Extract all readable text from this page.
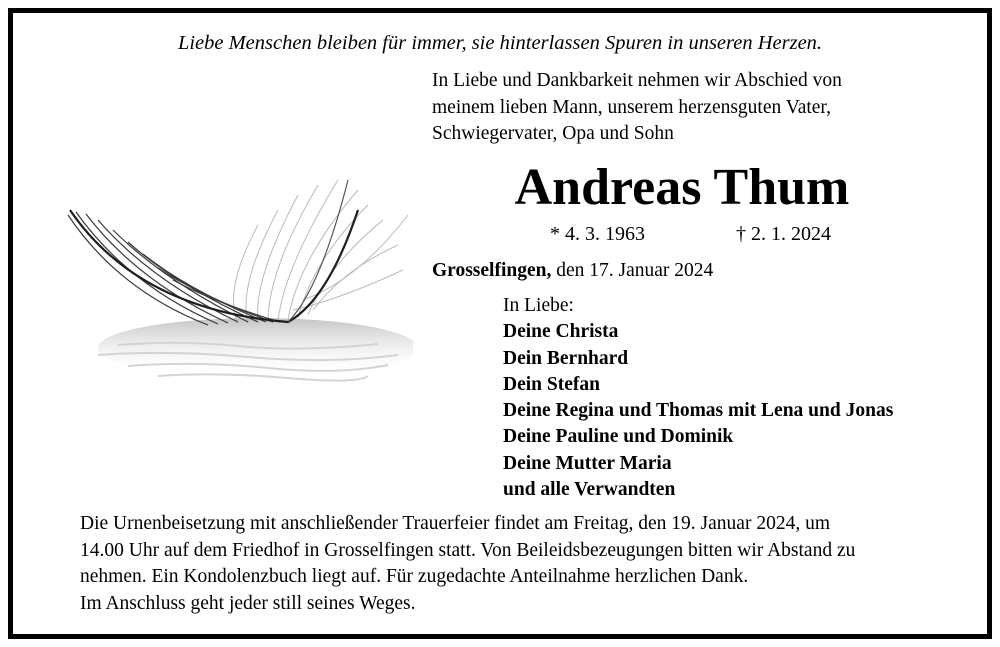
Liebe Menschen bleiben für immer, sie hinterlassen Spuren in unseren Herzen.

In Liebe und Dankbarkeit nehmen wir Abschied von
meinem lieben Mann, unserem herzensguten Vater,
Schwiegervater, Opa und Sohn

Andreas Thum
* 4. 3. 1963	† 2. 1. 2024
Grosselfingen, den 17. Januar 2024
In Liebe:
Deine Christa
Dein Bernhard
Dein Stefan
Deine Regina und Thomas mit Lena und Jonas
Deine Pauline und Dominik
Deine Mutter Maria
und alle Verwandten

Die Urnenbeisetzung mit anschließender Trauerfeier findet am Freitag, den 19. Januar 2024, um
14.00 Uhr auf dem Friedhof in Grosselfingen statt. Von Beileidsbezeugungen bitten wir Abstand zu
nehmen. Ein Kondolenzbuch liegt auf. Für zugedachte Anteilnahme herzlichen Dank.
Im Anschluss geht jeder still seines Weges.
